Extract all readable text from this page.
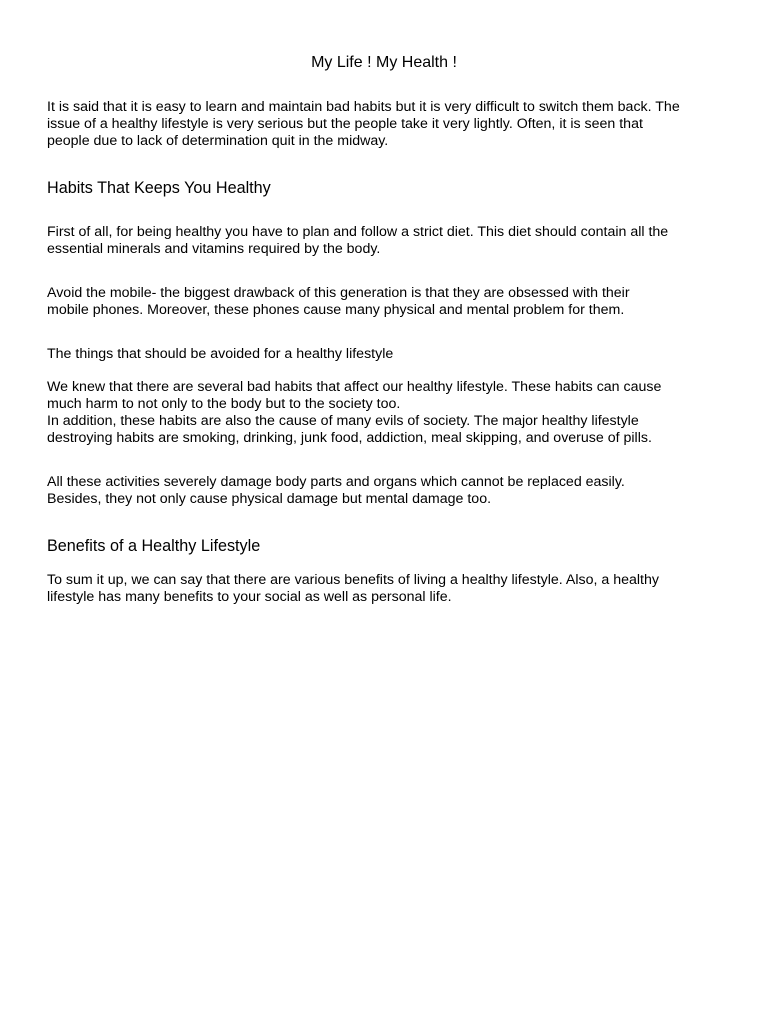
My Life ! My Health !

It is said that it is easy to learn and maintain bad habits but it is very difficult to switch them back. The
issue of a healthy lifestyle is very serious but the people take it very lightly. Often, it is seen that
people due to lack of determination quit in the midway.

Habits That Keeps You Healthy

First of all, for being healthy you have to plan and follow a strict diet. This diet should contain all the
essential minerals and vitamins required by the body.

Avoid the mobile- the biggest drawback of this generation is that they are obsessed with their
mobile phones. Moreover, these phones cause many physical and mental problem for them.

The things that should be avoided for a healthy lifestyle

We knew that there are several bad habits that affect our healthy lifestyle. These habits can cause
much harm to not only to the body but to the society too.
In addition, these habits are also the cause of many evils of society. The major healthy lifestyle
destroying habits are smoking, drinking, junk food, addiction, meal skipping, and overuse of pills.

All these activities severely damage body parts and organs which cannot be replaced easily.
Besides, they not only cause physical damage but mental damage too.

Benefits of a Healthy Lifestyle

To sum it up, we can say that there are various benefits of living a healthy lifestyle. Also, a healthy
lifestyle has many benefits to your social as well as personal life.
